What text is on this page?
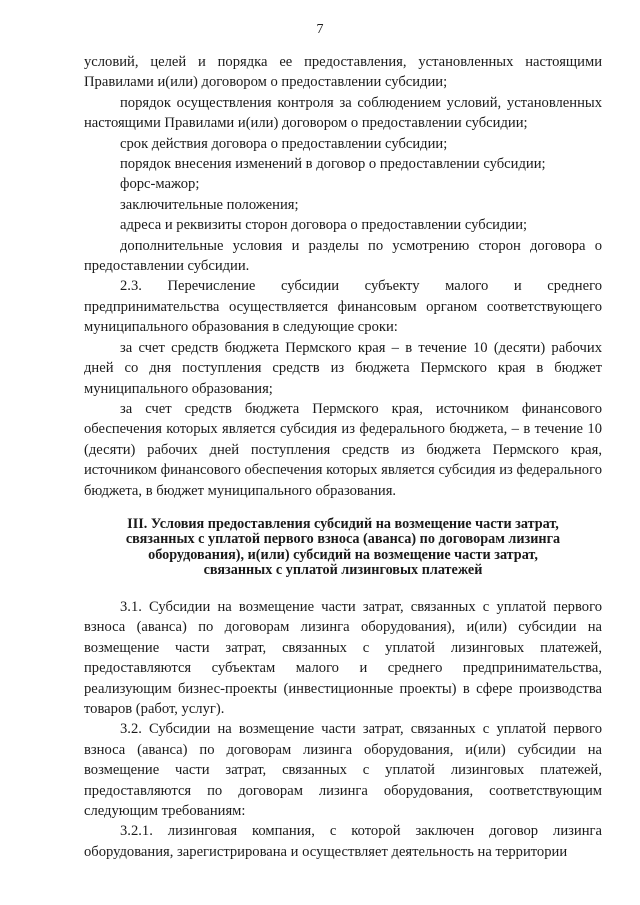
7

условий, целей и порядка ее предоставления, установленных настоящими Правилами и(или) договором о предоставлении субсидии;

порядок осуществления контроля за соблюдением условий, установленных настоящими Правилами и(или) договором о предоставлении субсидии;

срок действия договора о предоставлении субсидии;

порядок внесения изменений в договор о предоставлении субсидии;

форс-мажор;

заключительные положения;

адреса и реквизиты сторон договора о предоставлении субсидии;

дополнительные условия и разделы по усмотрению сторон договора о предоставлении субсидии.

2.3. Перечисление субсидии субъекту малого и среднего предпринимательства осуществляется финансовым органом соответствующего муниципального образования в следующие сроки:

за счет средств бюджета Пермского края – в течение 10 (десяти) рабочих дней со дня поступления средств из бюджета Пермского края в бюджет муниципального образования;

за счет средств бюджета Пермского края, источником финансового обеспечения которых является субсидия из федерального бюджета, – в течение 10 (десяти) рабочих дней поступления средств из бюджета Пермского края, источником финансового обеспечения которых является субсидия из федерального бюджета, в бюджет муниципального образования.

III. Условия предоставления субсидий на возмещение части затрат, связанных с уплатой первого взноса (аванса) по договорам лизинга оборудования), и(или) субсидий на возмещение части затрат, связанных с уплатой лизинговых платежей

3.1. Субсидии на возмещение части затрат, связанных с уплатой первого взноса (аванса) по договорам лизинга оборудования), и(или) субсидии на возмещение части затрат, связанных с уплатой лизинговых платежей, предоставляются субъектам малого и среднего предпринимательства, реализующим бизнес-проекты (инвестиционные проекты) в сфере производства товаров (работ, услуг).

3.2. Субсидии на возмещение части затрат, связанных с уплатой первого взноса (аванса) по договорам лизинга оборудования, и(или) субсидии на возмещение части затрат, связанных с уплатой лизинговых платежей, предоставляются по договорам лизинга оборудования, соответствующим следующим требованиям:

3.2.1. лизинговая компания, с которой заключен договор лизинга оборудования, зарегистрирована и осуществляет деятельность на территории
